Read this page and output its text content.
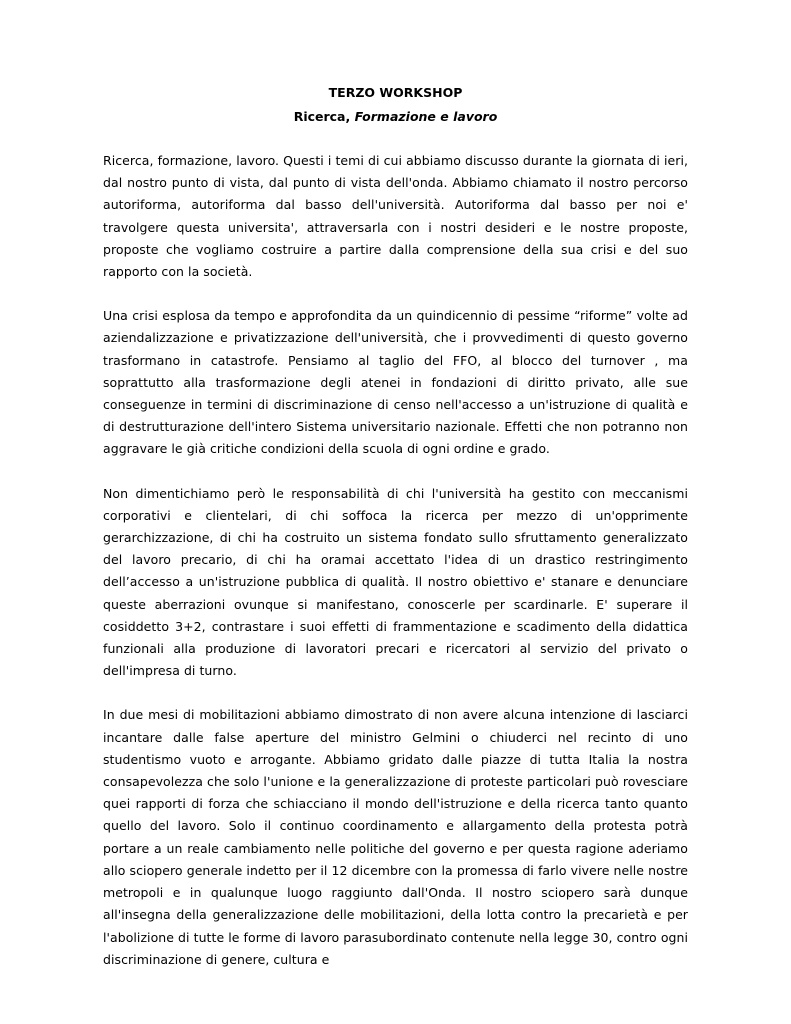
TERZO WORKSHOP
Ricerca, Formazione e lavoro

Ricerca, formazione, lavoro. Questi i temi di cui abbiamo discusso durante la giornata di ieri, dal nostro punto di vista, dal punto di vista dell'onda. Abbiamo chiamato il nostro percorso autoriforma, autoriforma dal basso dell'università. Autoriforma dal basso per noi e' travolgere questa universita', attraversarla con i nostri desideri e le nostre proposte, proposte che vogliamo costruire a partire dalla comprensione della sua crisi e del suo rapporto con la società.

Una crisi esplosa da tempo e approfondita da un quindicennio di pessime “riforme” volte ad aziendalizzazione e privatizzazione dell'università, che i provvedimenti di questo governo trasformano in catastrofe. Pensiamo al taglio del FFO, al blocco del turnover , ma soprattutto alla trasformazione degli atenei in fondazioni di diritto privato, alle sue conseguenze in termini di discriminazione di censo nell'accesso a un'istruzione di qualità e di destrutturazione dell'intero Sistema universitario nazionale. Effetti che non potranno non aggravare le già critiche condizioni della scuola di ogni ordine e grado.

Non dimentichiamo però le responsabilità di chi l'università ha gestito con meccanismi corporativi e clientelari, di chi soffoca la ricerca per mezzo di un'opprimente gerarchizzazione, di chi ha costruito un sistema fondato sullo sfruttamento generalizzato del lavoro precario, di chi ha oramai accettato l'idea di un drastico restringimento dell’accesso a un'istruzione pubblica di qualità. Il nostro obiettivo e' stanare e denunciare queste aberrazioni ovunque si manifestano, conoscerle per scardinarle. E' superare il cosiddetto 3+2, contrastare i suoi effetti di frammentazione e scadimento della didattica funzionali alla produzione di lavoratori precari e ricercatori al servizio del privato o dell'impresa di turno.

In due mesi di mobilitazioni abbiamo dimostrato di non avere alcuna intenzione di lasciarci incantare dalle false aperture del ministro Gelmini o chiuderci nel recinto di uno studentismo vuoto e arrogante. Abbiamo gridato dalle piazze di tutta Italia la nostra consapevolezza che solo l'unione e la generalizzazione di proteste particolari può rovesciare quei rapporti di forza che schiacciano il mondo dell'istruzione e della ricerca tanto quanto quello del lavoro. Solo il continuo coordinamento e allargamento della protesta potrà portare a un reale cambiamento nelle politiche del governo e per questa ragione aderiamo allo sciopero generale indetto per il 12 dicembre con la promessa di farlo vivere nelle nostre metropoli e in qualunque luogo raggiunto dall'Onda. Il nostro sciopero sarà dunque all'insegna della generalizzazione delle mobilitazioni, della lotta contro la precarietà e per l'abolizione di tutte le forme di lavoro parasubordinato contenute nella legge 30, contro ogni discriminazione di genere, cultura e
